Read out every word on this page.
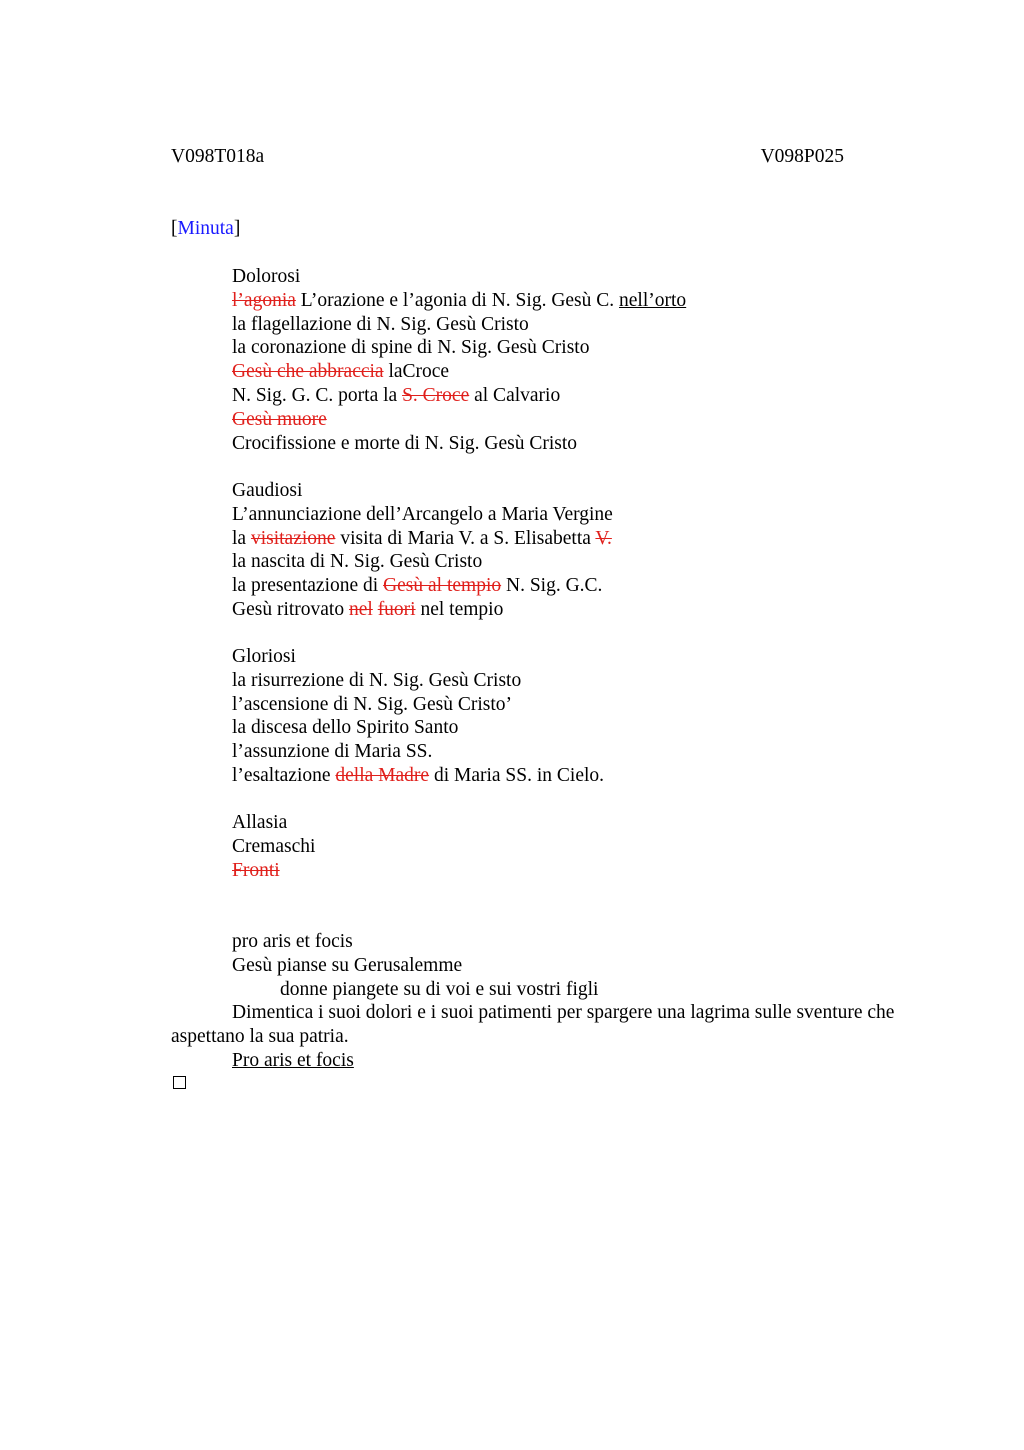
V098T018a	V098P025
[Minuta]
Dolorosi
l’agonia L’orazione e l’agonia di N. Sig. Gesù C. nell’orto
la flagellazione di N. Sig. Gesù Cristo
la coronazione di spine di N. Sig. Gesù Cristo
Gesù che abbraccia laCroce
N. Sig. G. C. porta la S. Croce al Calvario
Gesù muore
Crocifissione e morte di N. Sig. Gesù Cristo
Gaudiosi
L’annunciazione dell’Arcangelo a Maria Vergine
la visitazione visita di Maria V. a S. Elisabetta V.
la nascita di N. Sig. Gesù Cristo
la presentazione di Gesù al tempio N. Sig. G.C.
Gesù ritrovato nel fuori nel tempio
Gloriosi
la risurrezione di N. Sig. Gesù Cristo
l’ascensione di N. Sig. Gesù Cristo’
la discesa dello Spirito Santo
l’assunzione di Maria SS.
l’esaltazione della Madre di Maria SS. in Cielo.
Allasia
Cremaschi
Fronti
pro aris et focis
Gesù pianse su Gerusalemme
donne piangete su di voi e sui vostri figli
Dimentica i suoi dolori e i suoi patimenti per spargere una lagrima sulle sventure che aspettano la sua patria.
Pro aris et focis
